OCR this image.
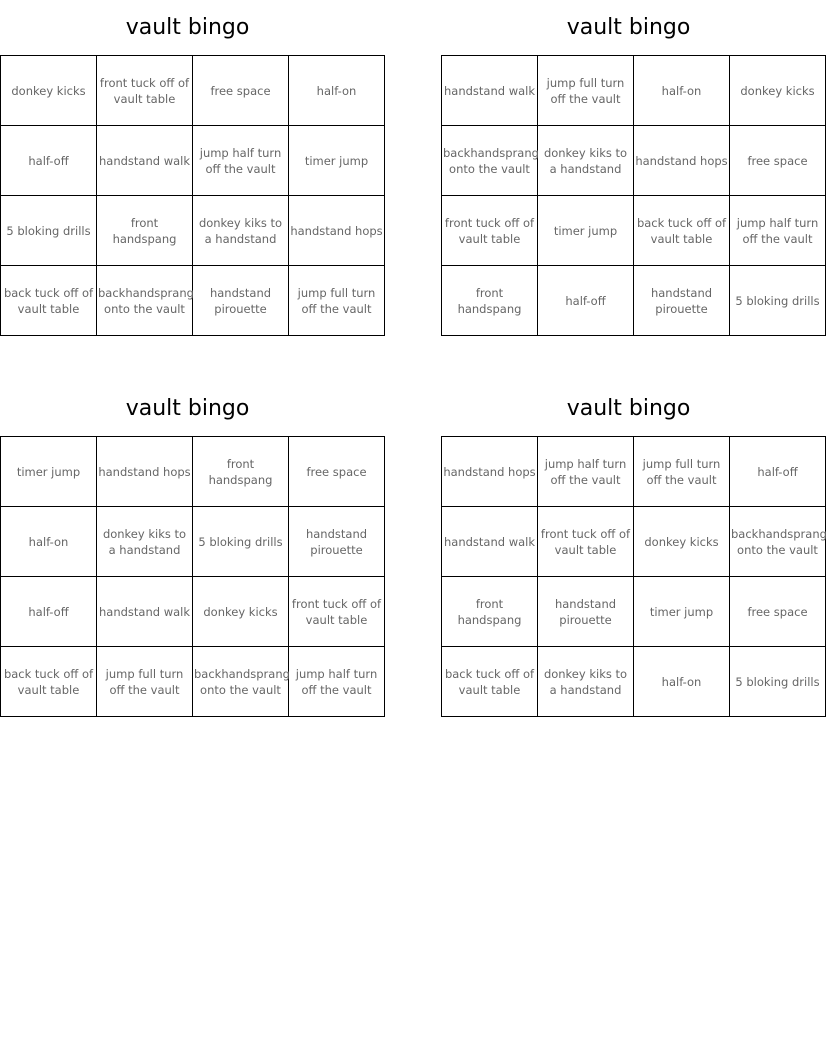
vault bingo
donkey kicks	front tuck off of vault table	free space	half-on
half-off	handstand walk	jump half turn off the vault	timer jump
5 bloking drills	front handspang	donkey kiks to a handstand	handstand hops
back tuck off of vault table	backhandsprang onto the vault	handstand pirouette	jump full turn off the vault
vault bingo
handstand walk	jump full turn off the vault	half-on	donkey kicks
backhandsprang onto the vault	donkey kiks to a handstand	handstand hops	free space
front tuck off of vault table	timer jump	back tuck off of vault table	jump half turn off the vault
front handspang	half-off	handstand pirouette	5 bloking drills
vault bingo
timer jump	handstand hops	front handspang	free space
half-on	donkey kiks to a handstand	5 bloking drills	handstand pirouette
half-off	handstand walk	donkey kicks	front tuck off of vault table
back tuck off of vault table	jump full turn off the vault	backhandsprang onto the vault	jump half turn off the vault
vault bingo
handstand hops	jump half turn off the vault	jump full turn off the vault	half-off
handstand walk	front tuck off of vault table	donkey kicks	backhandsprang onto the vault
front handspang	handstand pirouette	timer jump	free space
back tuck off of vault table	donkey kiks to a handstand	half-on	5 bloking drills
